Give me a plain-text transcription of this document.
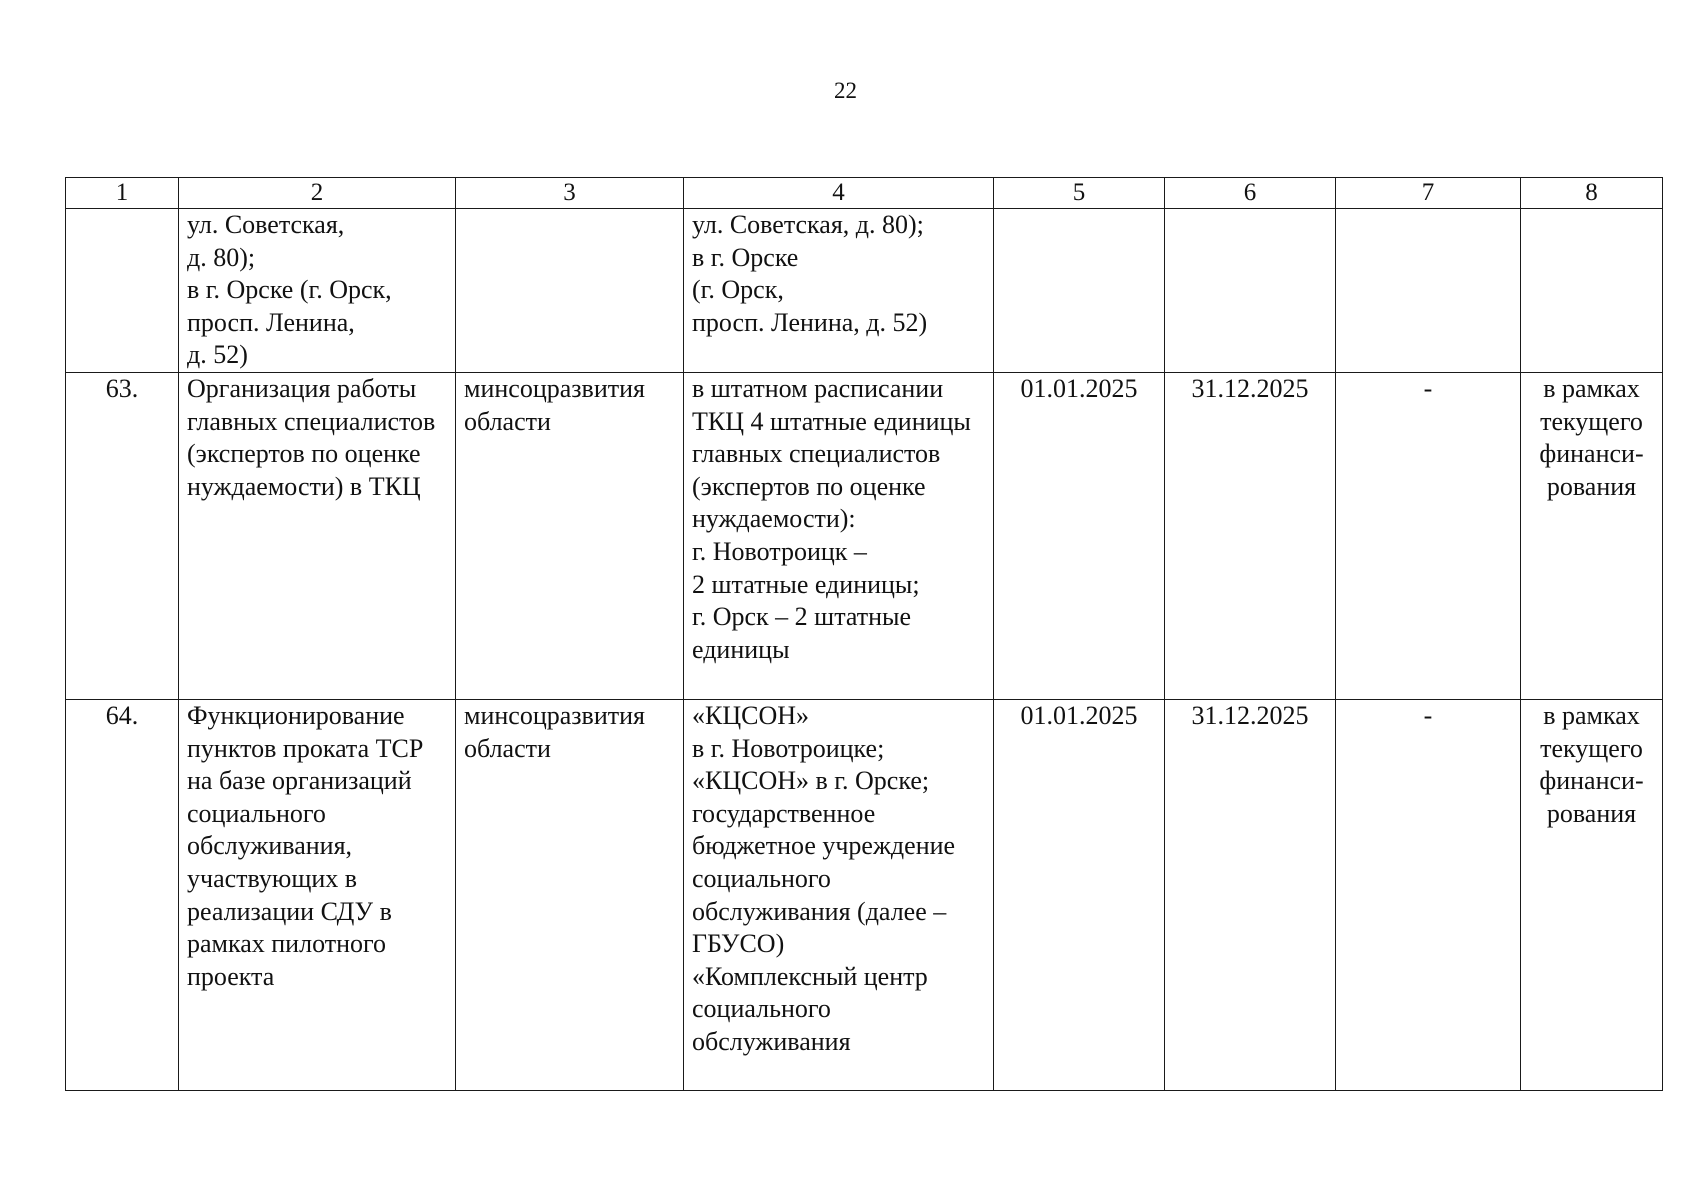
22
1	2	3	4	5	6	7	8
	ул. Советская,
д. 80);
в г. Орске (г. Орск,
просп. Ленина,
д. 52)		ул. Советская, д. 80);
в г. Орске
(г. Орск,
просп. Ленина, д. 52)				
63.	Организация работы главных специалистов (экспертов по оценке нуждаемости) в ТКЦ	минсоцразвития области	в штатном расписании ТКЦ 4 штатные единицы главных специалистов (экспертов по оценке нуждаемости):
г. Новотроицк –
2 штатные единицы;
г. Орск – 2 штатные единицы	01.01.2025	31.12.2025	-	в рамках текущего финанси-рования
64.	Функционирование пунктов проката ТСР на базе организаций социального обслуживания, участвующих в реализации СДУ в рамках пилотного проекта	минсоцразвития области	«КЦСОН»
в г. Новотроицке;
«КЦСОН» в г. Орске;
государственное бюджетное учреждение социального обслуживания (далее – ГБУСО)
«Комплексный центр социального обслуживания	01.01.2025	31.12.2025	-	в рамках текущего финанси-рования
